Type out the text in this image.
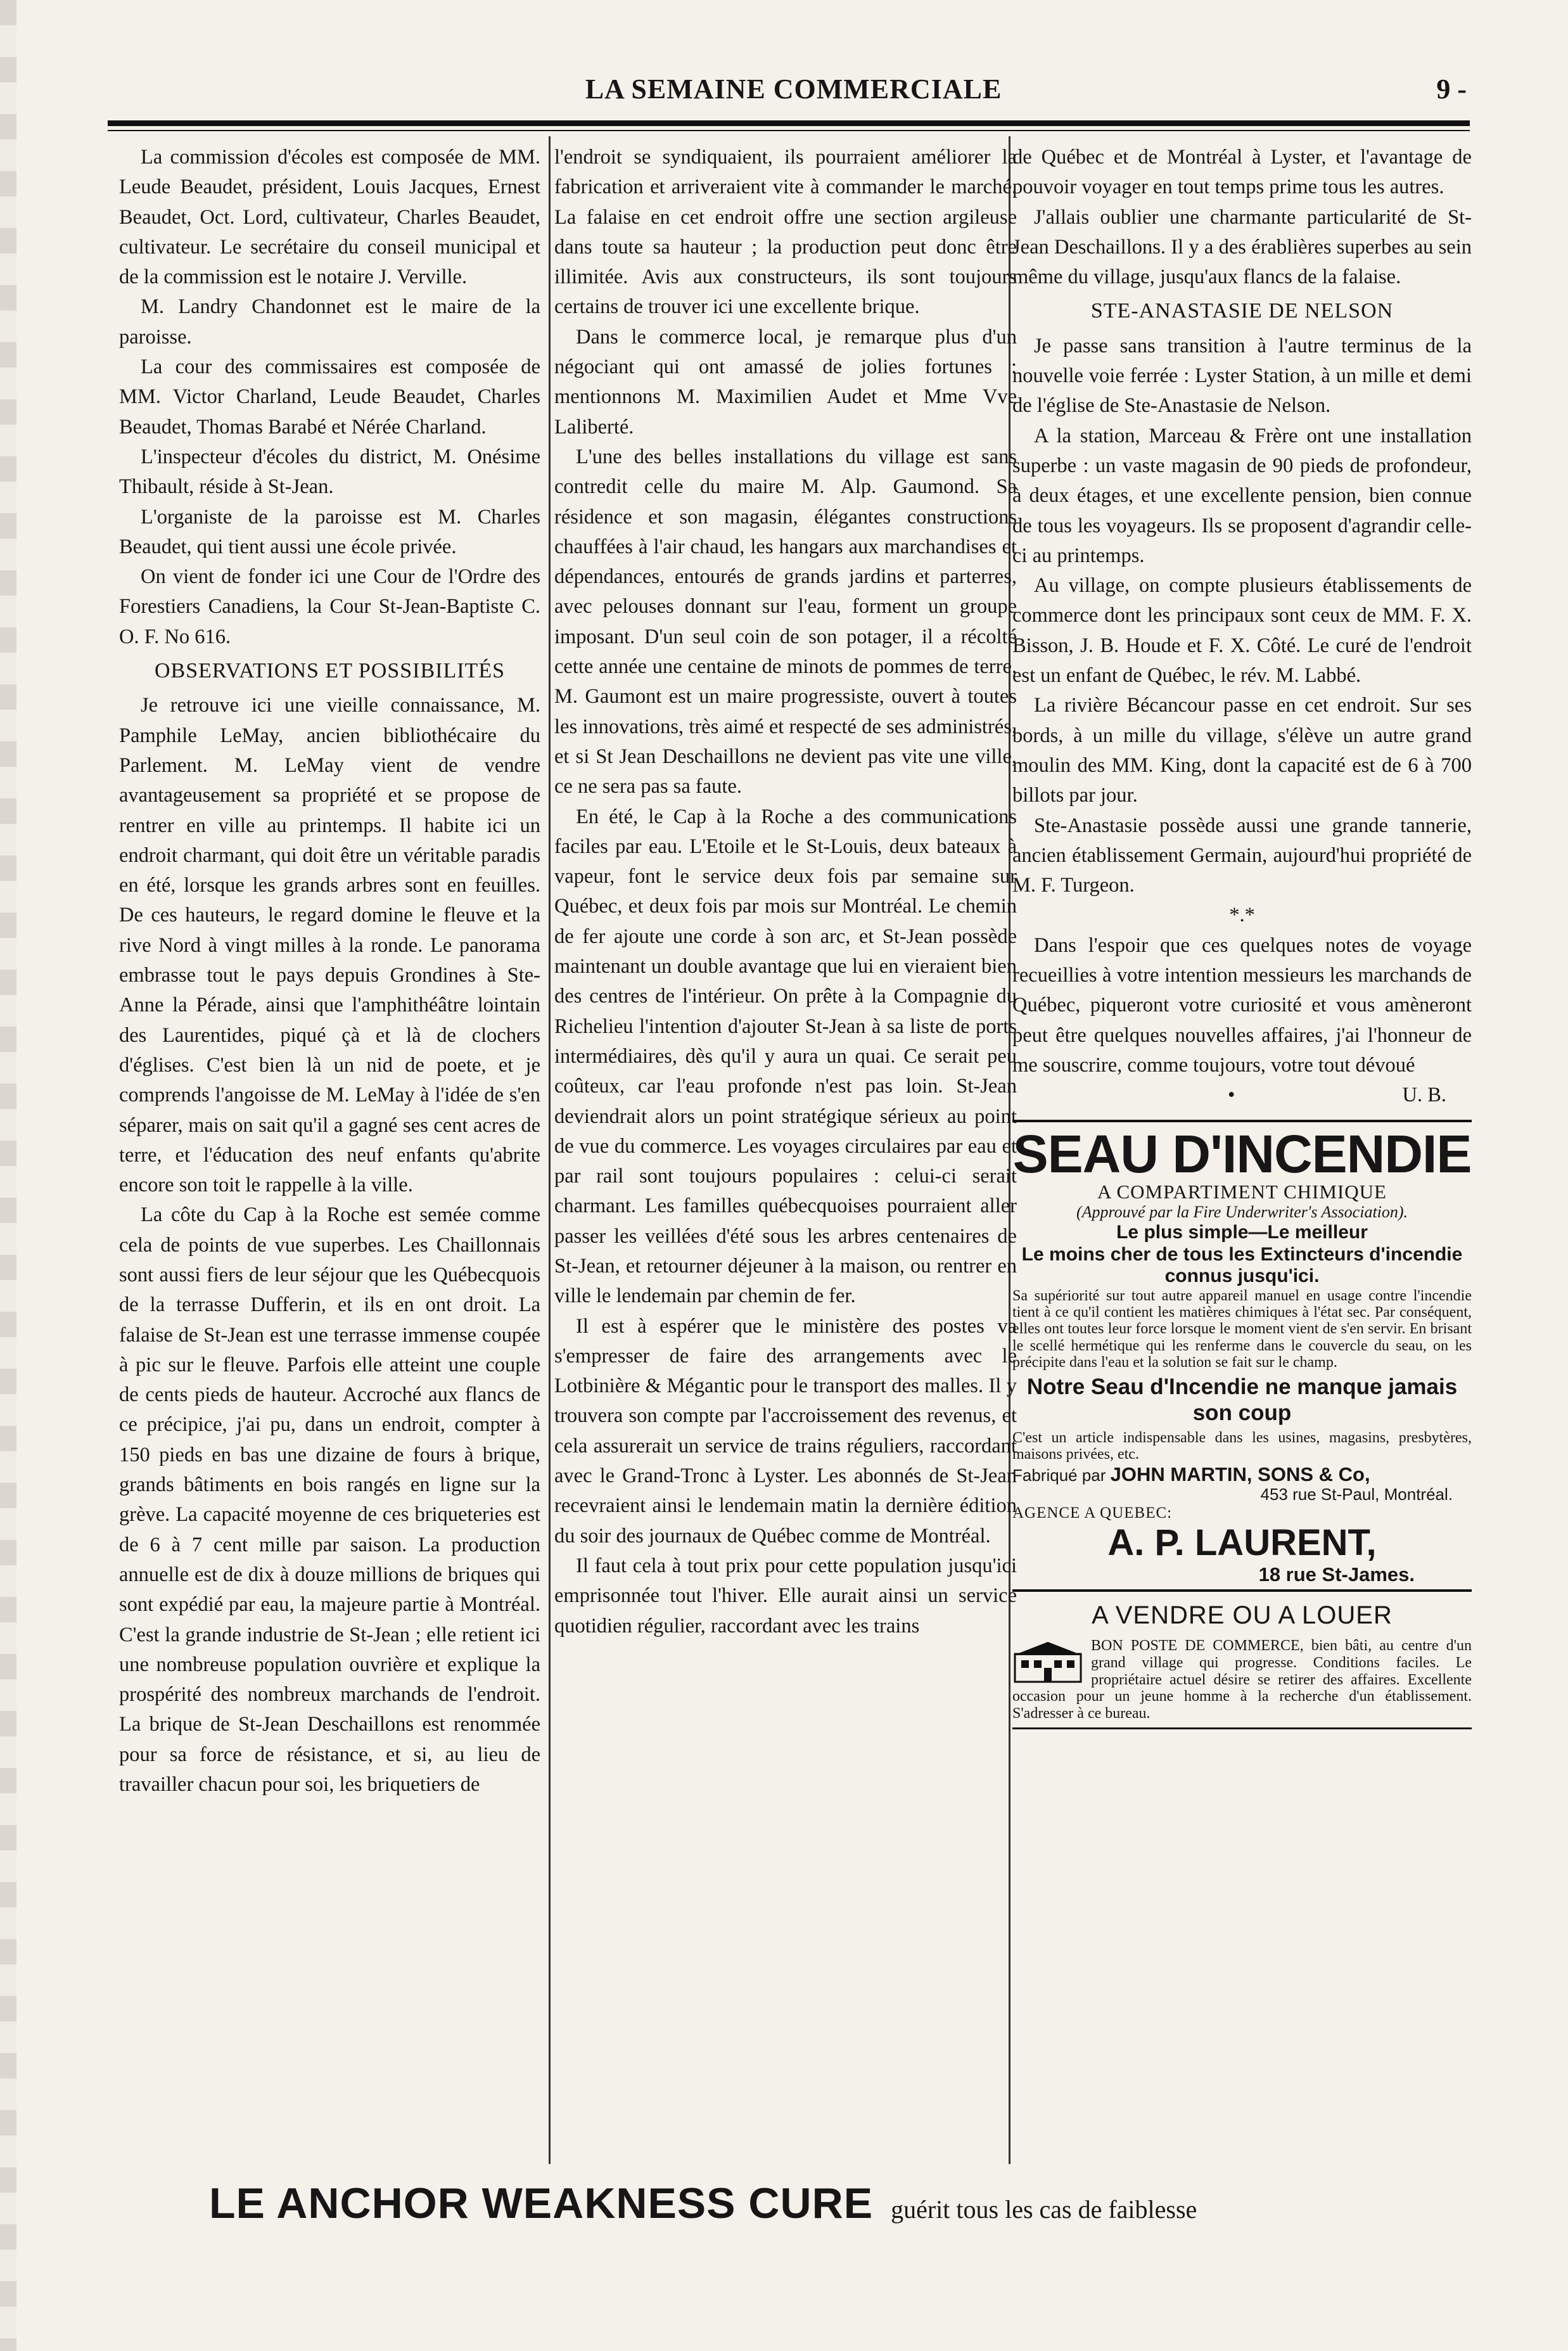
LA SEMAINE COMMERCIALE	9 -

La commission d'écoles est composée de MM. Leude Beaudet, président, Louis Jacques, Ernest Beaudet, Oct. Lord, cultivateur, Charles Beaudet, cultivateur. Le secrétaire du conseil municipal et de la commission est le notaire J. Verville.

M. Landry Chandonnet est le maire de la paroisse.

La cour des commissaires est composée de MM. Victor Charland, Leude Beaudet, Charles Beaudet, Thomas Barabé et Nérée Charland.

L'inspecteur d'écoles du district, M. Onésime Thibault, réside à St-Jean.

L'organiste de la paroisse est M. Charles Beaudet, qui tient aussi une école privée.

On vient de fonder ici une Cour de l'Ordre des Forestiers Canadiens, la Cour St-Jean-Baptiste C. O. F. No 616.

OBSERVATIONS ET POSSIBILITÉS

Je retrouve ici une vieille connaissance, M. Pamphile LeMay, ancien bibliothécaire du Parlement. M. LeMay vient de vendre avantageusement sa propriété et se propose de rentrer en ville au printemps. Il habite ici un endroit charmant, qui doit être un véritable paradis en été, lorsque les grands arbres sont en feuilles. De ces hauteurs, le regard domine le fleuve et la rive Nord à vingt milles à la ronde. Le panorama embrasse tout le pays depuis Grondines à Ste-Anne la Pérade, ainsi que l'amphithéâtre lointain des Laurentides, piqué çà et là de clochers d'églises. C'est bien là un nid de poete, et je comprends l'angoisse de M. LeMay à l'idée de s'en séparer, mais on sait qu'il a gagné ses cent acres de terre, et l'éducation des neuf enfants qu'abrite encore son toit le rappelle à la ville.

La côte du Cap à la Roche est semée comme cela de points de vue superbes. Les Chaillonnais sont aussi fiers de leur séjour que les Québecquois de la terrasse Dufferin, et ils en ont droit. La falaise de St-Jean est une terrasse immense coupée à pic sur le fleuve. Parfois elle atteint une couple de cents pieds de hauteur. Accroché aux flancs de ce précipice, j'ai pu, dans un endroit, compter à 150 pieds en bas une dizaine de fours à brique, grands bâtiments en bois rangés en ligne sur la grève. La capacité moyenne de ces briqueteries est de 6 à 7 cent mille par saison. La production annuelle est de dix à douze millions de briques qui sont expédié par eau, la majeure partie à Montréal. C'est la grande industrie de St-Jean ; elle retient ici une nombreuse population ouvrière et explique la prospérité des nombreux marchands de l'endroit. La brique de St-Jean Deschaillons est renommée pour sa force de résistance, et si, au lieu de travailler chacun pour soi, les briquetiers de

l'endroit se syndiquaient, ils pourraient améliorer la fabrication et arriveraient vite à commander le marché. La falaise en cet endroit offre une section argileuse dans toute sa hauteur ; la production peut donc être illimitée. Avis aux constructeurs, ils sont toujours certains de trouver ici une excellente brique.

Dans le commerce local, je remarque plus d'un négociant qui ont amassé de jolies fortunes : mentionnons M. Maximilien Audet et Mme Vve Laliberté.

L'une des belles installations du village est sans contredit celle du maire M. Alp. Gaumond. Sa résidence et son magasin, élégantes constructions chauffées à l'air chaud, les hangars aux marchandises et dépendances, entourés de grands jardins et parterres, avec pelouses donnant sur l'eau, forment un groupe imposant. D'un seul coin de son potager, il a récolté cette année une centaine de minots de pommes de terre. M. Gaumont est un maire progressiste, ouvert à toutes les innovations, très aimé et respecté de ses administrés, et si St Jean Deschaillons ne devient pas vite une ville, ce ne sera pas sa faute.

En été, le Cap à la Roche a des communications faciles par eau. L'Etoile et le St-Louis, deux bateaux à vapeur, font le service deux fois par semaine sur Québec, et deux fois par mois sur Montréal. Le chemin de fer ajoute une corde à son arc, et St-Jean possède maintenant un double avantage que lui en vieraient bien des centres de l'intérieur. On prête à la Compagnie du Richelieu l'intention d'ajouter St-Jean à sa liste de ports intermédiaires, dès qu'il y aura un quai. Ce serait peu coûteux, car l'eau profonde n'est pas loin. St-Jean deviendrait alors un point stratégique sérieux au point de vue du commerce. Les voyages circulaires par eau et par rail sont toujours populaires : celui-ci serait charmant. Les familles québecquoises pourraient aller passer les veillées d'été sous les arbres centenaires de St-Jean, et retourner déjeuner à la maison, ou rentrer en ville le lendemain par chemin de fer.

Il est à espérer que le ministère des postes va s'empresser de faire des arrangements avec le Lotbinière & Mégantic pour le transport des malles. Il y trouvera son compte par l'accroissement des revenus, et cela assurerait un service de trains réguliers, raccordant avec le Grand-Tronc à Lyster. Les abonnés de St-Jean recevraient ainsi le lendemain matin la dernière édition du soir des journaux de Québec comme de Montréal.

Il faut cela à tout prix pour cette population jusqu'ici emprisonnée tout l'hiver. Elle aurait ainsi un service quotidien régulier, raccordant avec les trains

de Québec et de Montréal à Lyster, et l'avantage de pouvoir voyager en tout temps prime tous les autres.

J'allais oublier une charmante particularité de St-Jean Deschaillons. Il y a des érablières superbes au sein même du village, jusqu'aux flancs de la falaise.

STE-ANASTASIE DE NELSON

Je passe sans transition à l'autre terminus de la nouvelle voie ferrée : Lyster Station, à un mille et demi de l'église de Ste-Anastasie de Nelson.

A la station, Marceau & Frère ont une installation superbe : un vaste magasin de 90 pieds de profondeur, à deux étages, et une excellente pension, bien connue de tous les voyageurs. Ils se proposent d'agrandir celle-ci au printemps.

Au village, on compte plusieurs établissements de commerce dont les principaux sont ceux de MM. F. X. Bisson, J. B. Houde et F. X. Côté. Le curé de l'endroit est un enfant de Québec, le rév. M. Labbé.

La rivière Bécancour passe en cet endroit. Sur ses bords, à un mille du village, s'élève un autre grand moulin des MM. King, dont la capacité est de 6 à 700 billots par jour.

Ste-Anastasie possède aussi une grande tannerie, ancien établissement Germain, aujourd'hui propriété de M. F. Turgeon.

*.*

Dans l'espoir que ces quelques notes de voyage recueillies à votre intention messieurs les marchands de Québec, piqueront votre curiosité et vous amèneront peut être quelques nouvelles affaires, j'ai l'honneur de me souscrire, comme toujours, votre tout dévoué

•	U. B.

SEAU D'INCENDIE
A COMPARTIMENT CHIMIQUE
(Approuvé par la Fire Underwriter's Association).
Le plus simple—Le meilleur
Le moins cher de tous les Extincteurs d'incendie connus jusqu'ici.
Sa supériorité sur tout autre appareil manuel en usage contre l'incendie tient à ce qu'il contient les matières chimiques à l'état sec. Par conséquent, elles ont toutes leur force lorsque le moment vient de s'en servir. En brisant le scellé hermétique qui les renferme dans le couvercle du seau, on les précipite dans l'eau et la solution se fait sur le champ.
Notre Seau d'Incendie ne manque jamais son coup
C'est un article indispensable dans les usines, magasins, presbytères, maisons privées, etc.
Fabriqué par JOHN MARTIN, SONS & Co,
453 rue St-Paul, Montréal.
AGENCE A QUEBEC:
A. P. LAURENT,
18 rue St-James.
A VENDRE OU A LOUER
BON POSTE DE COMMERCE, bien bâti, au centre d'un grand village qui progresse. Conditions faciles. Le propriétaire actuel désire se retirer des affaires. Excellente occasion pour un jeune homme à la recherche d'un établissement. S'adresser à ce bureau.
LE ANCHOR WEAKNESS CURE guérit tous les cas de faiblesse
